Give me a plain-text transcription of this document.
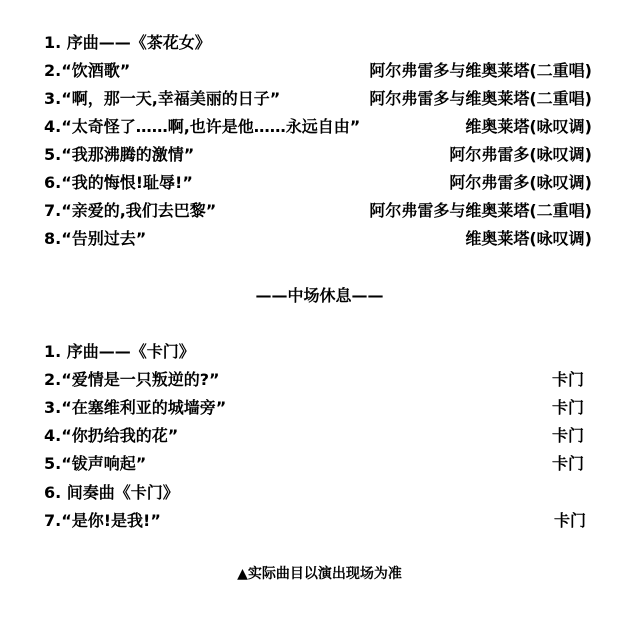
1. 序曲——《茶花女》
2.“饮酒歌”	阿尔弗雷多与维奥莱塔(二重唱)
3.“啊，那一天,幸福美丽的日子”	阿尔弗雷多与维奥莱塔(二重唱)
4.“太奇怪了……啊,也许是他……永远自由”	维奥莱塔(咏叹调)
5.“我那沸腾的激情”	阿尔弗雷多(咏叹调)
6.“我的悔恨!耻辱!”	阿尔弗雷多(咏叹调)
7.“亲爱的,我们去巴黎”	阿尔弗雷多与维奥莱塔(二重唱)
8.“告别过去”	维奥莱塔(咏叹调)
——中场休息——
1. 序曲——《卡门》
2.“爱情是一只叛逆的?”	卡门
3.“在塞维利亚的城墙旁”	卡门
4.“你扔给我的花”	卡门
5.“钹声响起”	卡门
6. 间奏曲《卡门》
7.“是你!是我!”	卡门
▲实际曲目以演出现场为准
